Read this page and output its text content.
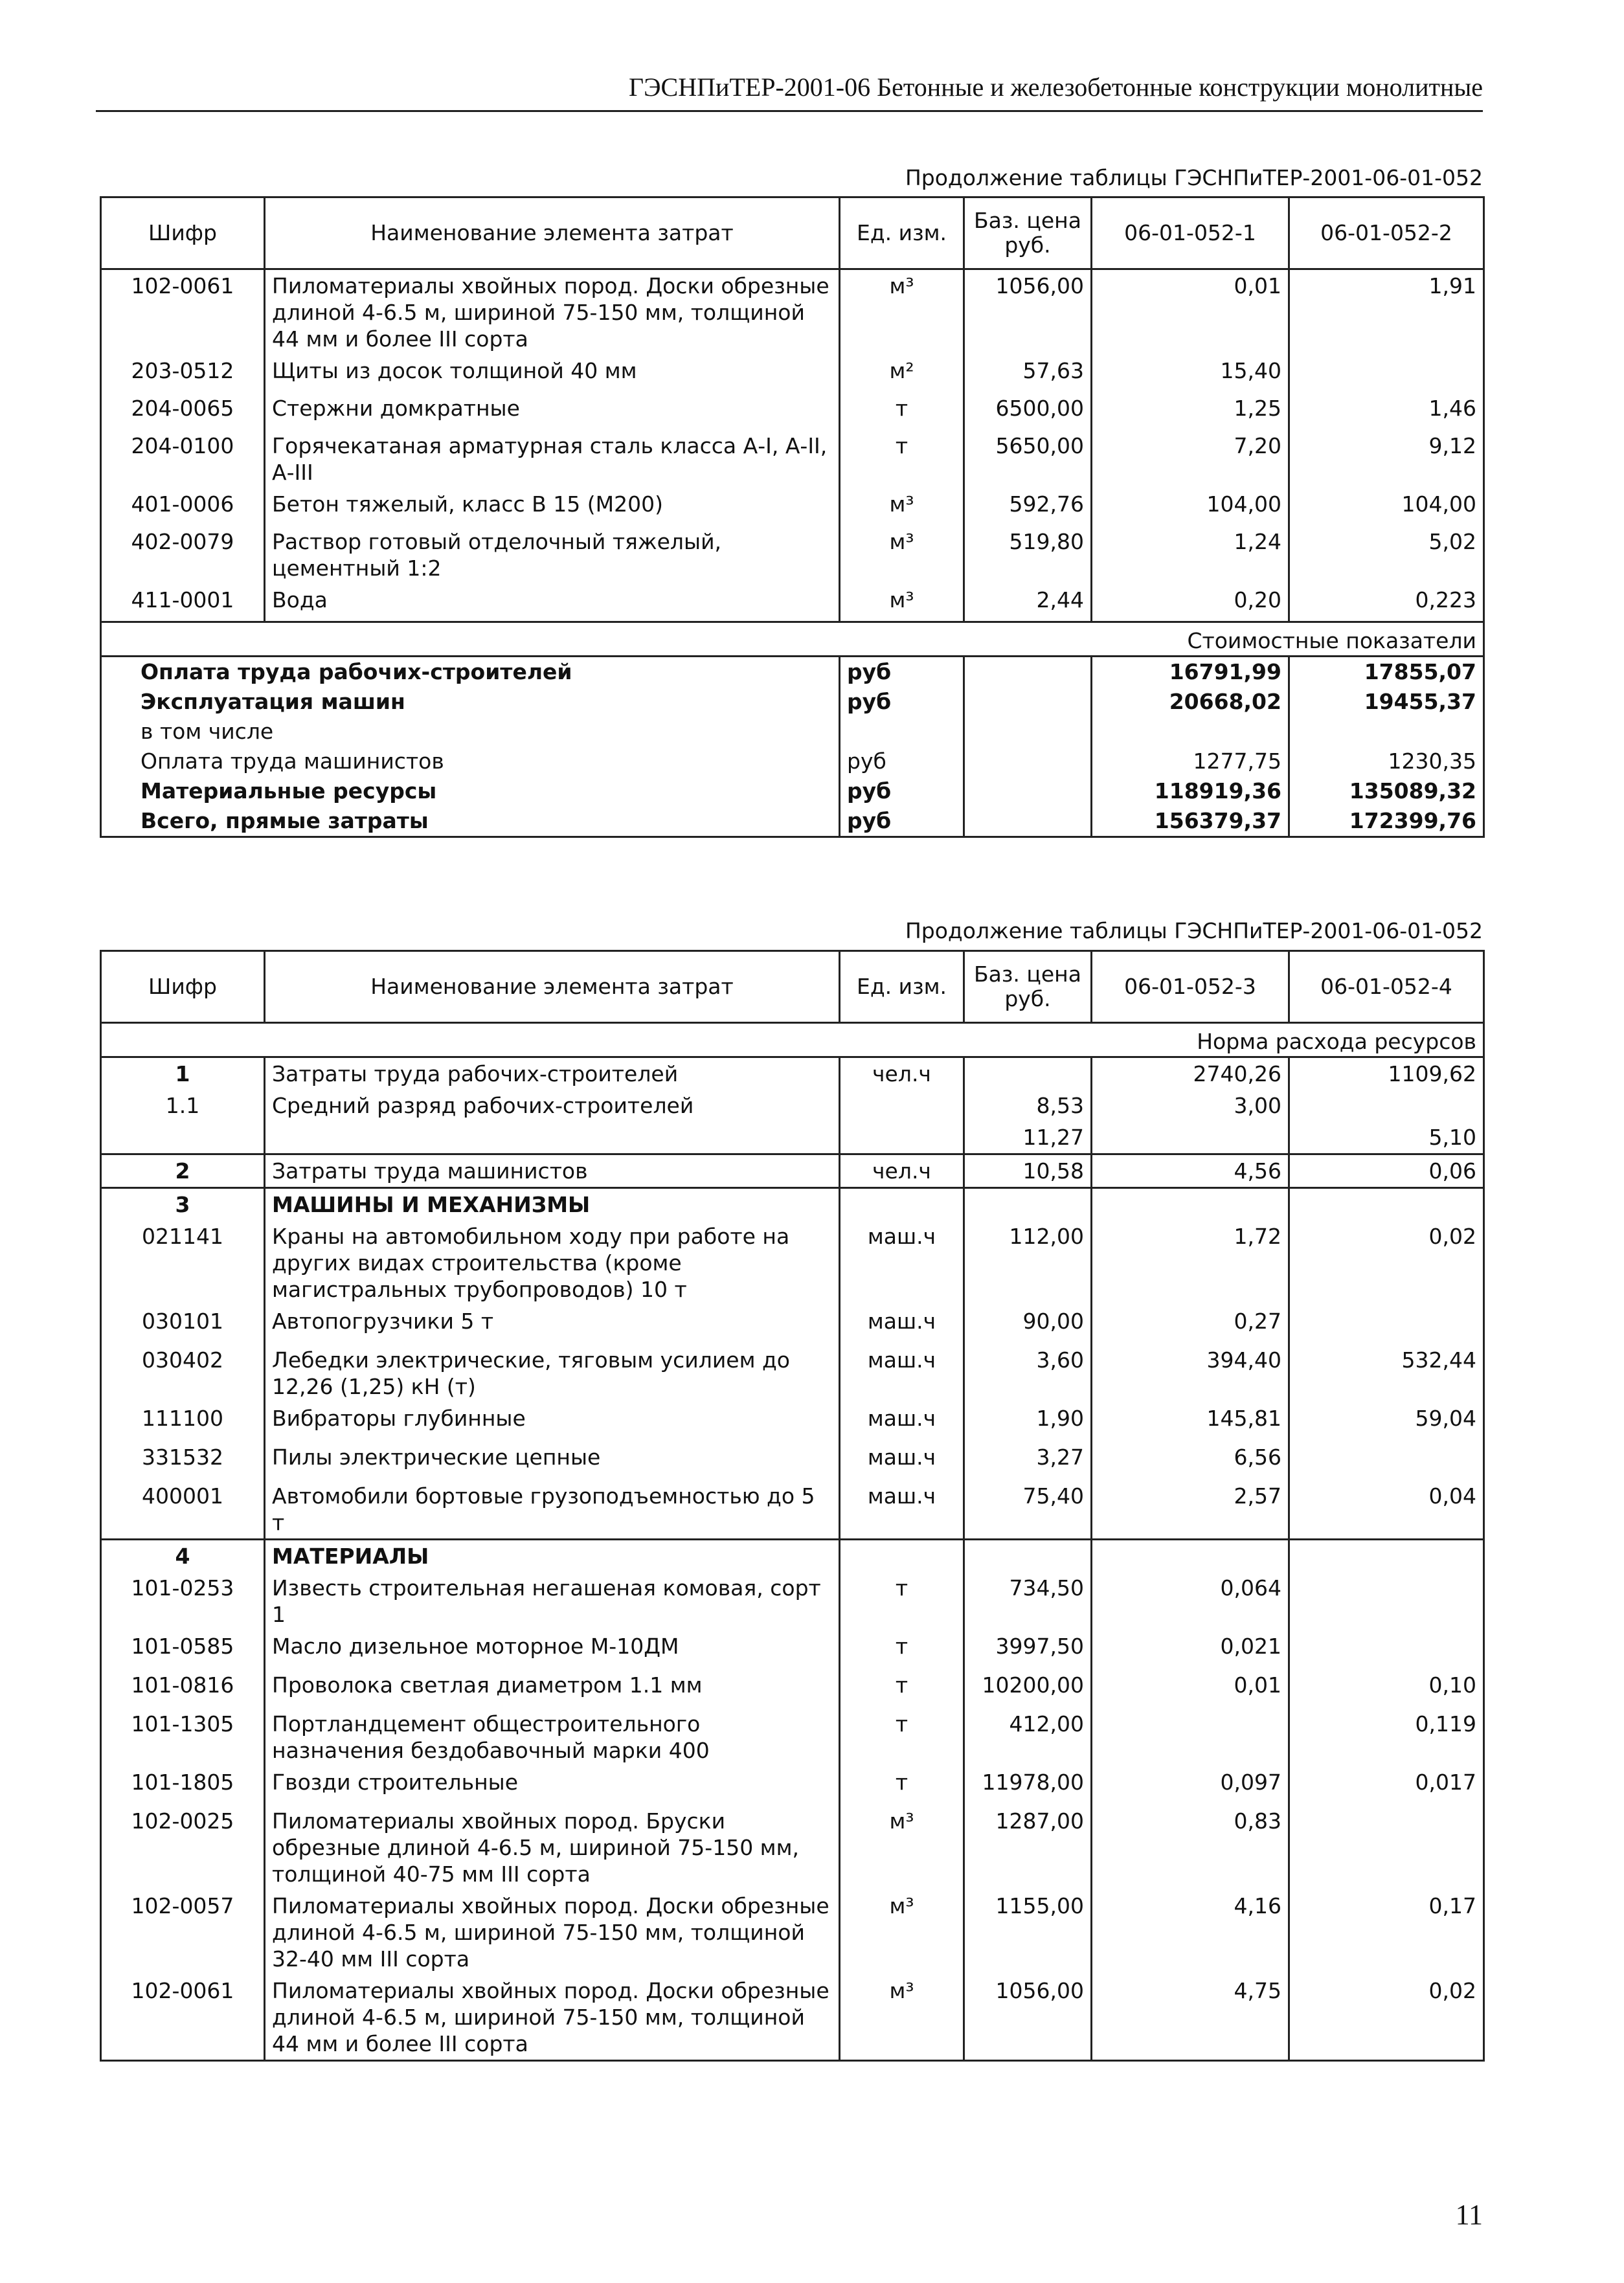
ГЭСНПиТЕР-2001-06 Бетонные и железобетонные конструкции монолитные
Продолжение таблицы ГЭСНПиТЕР-2001-06-01-052
Шифр	Наименование элемента затрат	Ед. изм.	Баз. цена руб.	06-01-052-1	06-01-052-2
102-0061	Пиломатериалы хвойных пород. Доски обрезные длиной 4-6.5 м, шириной 75-150 мм, толщиной 44 мм и более III сорта	м³	1056,00	0,01	1,91
203-0512	Щиты из досок толщиной 40 мм	м²	57,63	15,40	
204-0065	Стержни домкратные	т	6500,00	1,25	1,46
204-0100	Горячекатаная арматурная сталь класса А-I, А-II, А-III	т	5650,00	7,20	9,12
401-0006	Бетон тяжелый, класс В 15 (М200)	м³	592,76	104,00	104,00
402-0079	Раствор готовый отделочный тяжелый, цементный 1:2	м³	519,80	1,24	5,02
411-0001	Вода	м³	2,44	0,20	0,223
Стоимостные показатели					
Оплата труда рабочих-строителей		руб		16791,99	17855,07
Эксплуатация машин		руб		20668,02	19455,37
в том числе					
Оплата труда машинистов		руб		1277,75	1230,35
Материальные ресурсы		руб		118919,36	135089,32
Всего, прямые затраты		руб		156379,37	172399,76
Продолжение таблицы ГЭСНПиТЕР-2001-06-01-052
Шифр	Наименование элемента затрат	Ед. изм.	Баз. цена руб.	06-01-052-3	06-01-052-4
Норма расхода ресурсов					
1	Затраты труда рабочих-строителей	чел.ч		2740,26	1109,62
1.1	Средний разряд рабочих-строителей		8,53	3,00	
			11,27		5,10
2	Затраты труда машинистов	чел.ч	10,58	4,56	0,06
3	МАШИНЫ И МЕХАНИЗМЫ				
021141	Краны на автомобильном ходу при работе на других видах строительства (кроме магистральных трубопроводов) 10 т	маш.ч	112,00	1,72	0,02
030101	Автопогрузчики 5 т	маш.ч	90,00	0,27	
030402	Лебедки электрические, тяговым усилием до 12,26 (1,25) кН (т)	маш.ч	3,60	394,40	532,44
111100	Вибраторы глубинные	маш.ч	1,90	145,81	59,04
331532	Пилы электрические цепные	маш.ч	3,27	6,56	
400001	Автомобили бортовые грузоподъемностью до 5 т	маш.ч	75,40	2,57	0,04
4	МАТЕРИАЛЫ				
101-0253	Известь строительная негашеная комовая, сорт 1	т	734,50	0,064	
101-0585	Масло дизельное моторное М-10ДМ	т	3997,50	0,021	
101-0816	Проволока светлая диаметром 1.1 мм	т	10200,00	0,01	0,10
101-1305	Портландцемент общестроительного назначения бездобавочный марки 400	т	412,00		0,119
101-1805	Гвозди строительные	т	11978,00	0,097	0,017
102-0025	Пиломатериалы хвойных пород. Бруски обрезные длиной 4-6.5 м, шириной 75-150 мм, толщиной 40-75 мм III сорта	м³	1287,00	0,83	
102-0057	Пиломатериалы хвойных пород. Доски обрезные длиной 4-6.5 м, шириной 75-150 мм, толщиной 32-40 мм III сорта	м³	1155,00	4,16	0,17
102-0061	Пиломатериалы хвойных пород. Доски обрезные длиной 4-6.5 м, шириной 75-150 мм, толщиной 44 мм и более III сорта	м³	1056,00	4,75	0,02
11
